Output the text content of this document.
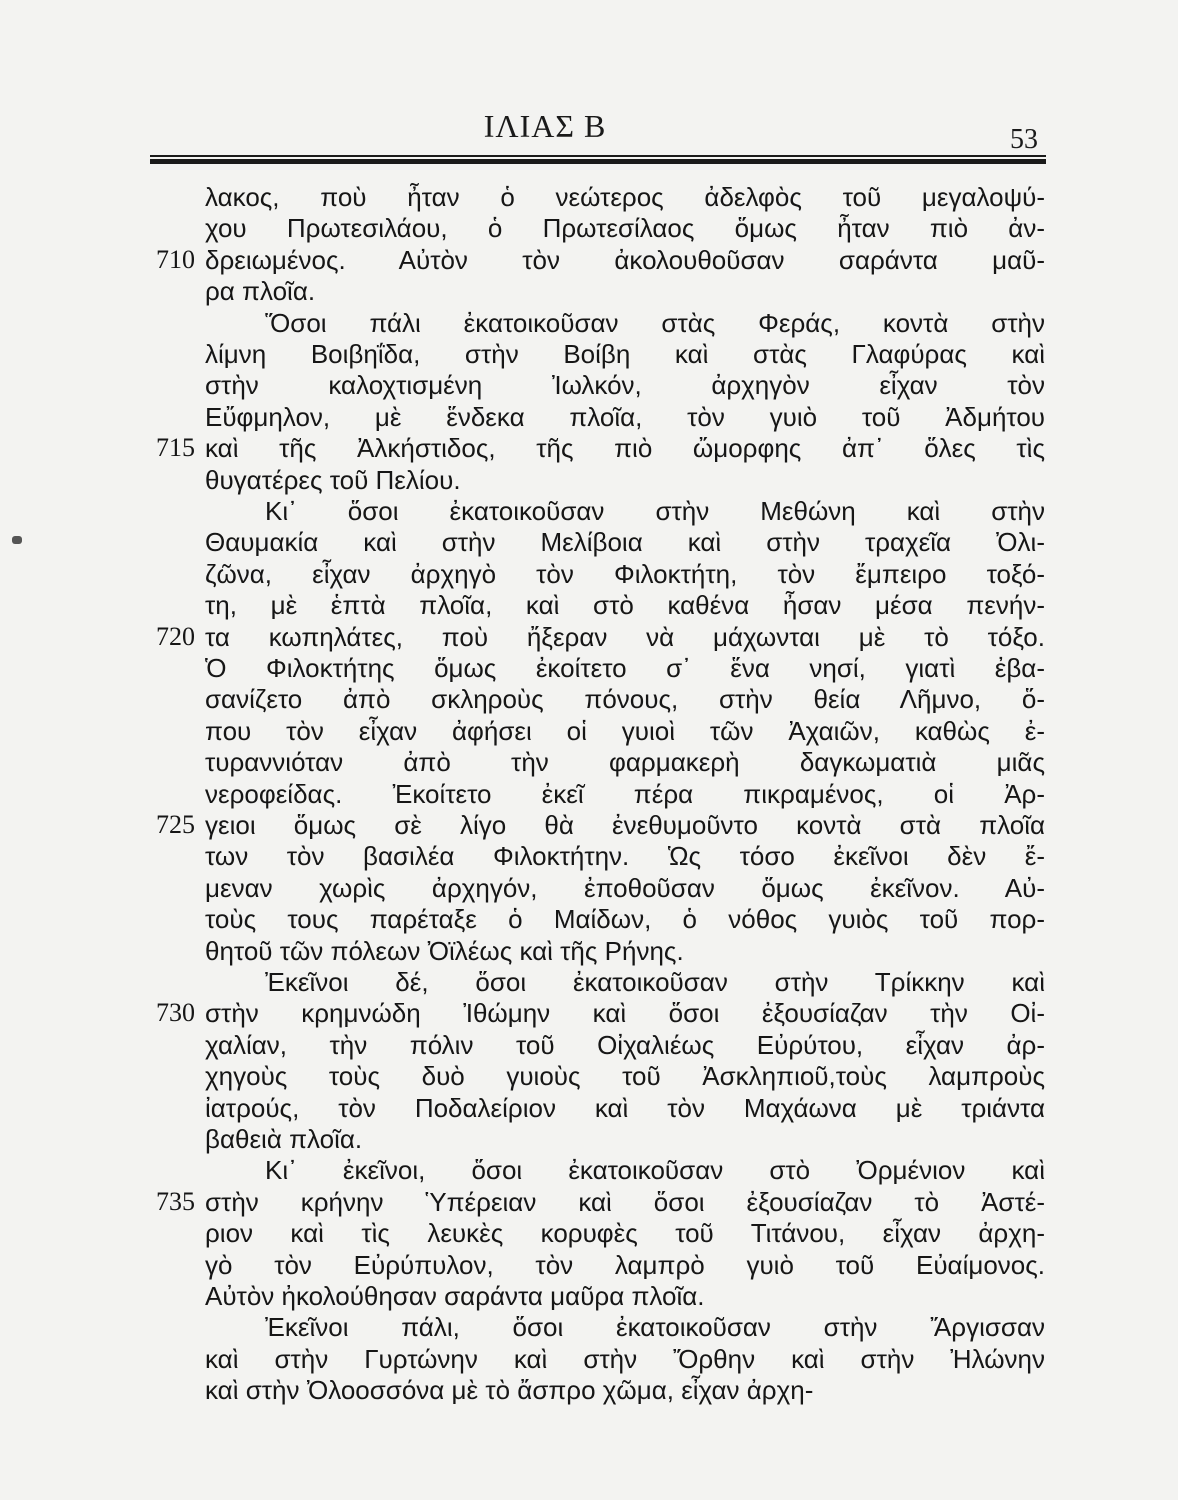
ΙΛΙΑΣ Β	53
λακος, ποὺ ἦταν ὁ νεώτερος ἀδελφὸς τοῦ μεγαλοψύ-
χου Πρωτεσιλάου, ὁ Πρωτεσίλαος ὅμως ἦταν πιὸ ἀν-
δρειωμένος. Αὐτὸν τὸν ἀκολουθοῦσαν σαράντα μαῦ-
710
ρα πλοῖα.
Ὅσοι πάλι ἐκατοικοῦσαν στὰς Φεράς, κοντὰ στὴν
λίμνη Βοιβηΐδα, στὴν Βοίβη καὶ στὰς Γλαφύρας καὶ
στὴν καλοχτισμένη Ἰωλκόν, ἀρχηγὸν εἶχαν τὸν
Εὔφμηλον, μὲ ἕνδεκα πλοῖα, τὸν γυιὸ τοῦ Ἀδμήτου
καὶ τῆς Ἀλκήστιδος, τῆς πιὸ ὤμορφης ἀπ᾽ ὅλες τὶς
715
θυγατέρες τοῦ Πελίου.
Κι᾽ ὅσοι ἐκατοικοῦσαν στὴν Μεθώνη καὶ στὴν
Θαυμακία καὶ στὴν Μελίβοια καὶ στὴν τραχεῖα Ὀλι-
ζῶνα, εἶχαν ἀρχηγὸ τὸν Φιλοκτήτη, τὸν ἔμπειρο τοξό-
τη, μὲ ἑπτὰ πλοῖα, καὶ στὸ καθένα ἦσαν μέσα πενήν-
τα κωπηλάτες, ποὺ ἤξεραν νὰ μάχωνται μὲ τὸ τόξο.
720
Ὁ Φιλοκτήτης ὅμως ἐκοίτετο σ᾽ ἕνα νησί, γιατὶ ἐβα-
σανίζετο ἀπὸ σκληροὺς πόνους, στὴν θεία Λῆμνο, ὅ-
που τὸν εἶχαν ἀφήσει οἱ γυιοὶ τῶν Ἀχαιῶν, καθὼς ἐ-
τυραννιόταν ἀπὸ τὴν φαρμακερὴ δαγκωματιὰ μιᾶς
νεροφείδας. Ἐκοίτετο ἐκεῖ πέρα πικραμένος, οἱ Ἀρ-
γειοι ὅμως σὲ λίγο θὰ ἐνεθυμοῦντο κοντὰ στὰ πλοῖα
725
των τὸν βασιλέα Φιλοκτήτην. Ὡς τόσο ἐκεῖνοι δὲν ἔ-
μεναν χωρὶς ἀρχηγόν, ἐποθοῦσαν ὅμως ἐκεῖνον. Αὐ-
τοὺς τους παρέταξε ὁ Μαίδων, ὁ νόθος γυιὸς τοῦ πορ-
θητοῦ τῶν πόλεων Ὀϊλέως καὶ τῆς Ρήνης.
Ἐκεῖνοι δέ, ὅσοι ἐκατοικοῦσαν στὴν Τρίκκην καὶ
στὴν κρημνώδη Ἰθώμην καὶ ὅσοι ἐξουσίαζαν τὴν Οἰ-
730
χαλίαν, τὴν πόλιν τοῦ Οἰχαλιέως Εὐρύτου, εἶχαν ἀρ-
χηγοὺς τοὺς δυὸ γυιοὺς τοῦ Ἀσκληπιοῦ,τοὺς λαμπροὺς
ἰατρούς, τὸν Ποδαλείριον καὶ τὸν Μαχάωνα μὲ τριάντα
βαθειὰ πλοῖα.
Κι᾽ ἐκεῖνοι, ὅσοι ἐκατοικοῦσαν στὸ Ὀρμένιον καὶ
στὴν κρήνην Ὑπέρειαν καὶ ὅσοι ἐξουσίαζαν τὸ Ἀστέ-
735
ριον καὶ τὶς λευκὲς κορυφὲς τοῦ Τιτάνου, εἶχαν ἀρχη-
γὸ τὸν Εὐρύπυλον, τὸν λαμπρὸ γυιὸ τοῦ Εὐαίμονος.
Αὐτὸν ἠκολούθησαν σαράντα μαῦρα πλοῖα.
Ἐκεῖνοι πάλι, ὅσοι ἐκατοικοῦσαν στὴν Ἄργισσαν
καὶ στὴν Γυρτώνην καὶ στὴν Ὄρθην καὶ στὴν Ἠλώνην
καὶ στὴν Ὀλοοσσόνα μὲ τὸ ἄσπρο χῶμα, εἶχαν ἀρχη-
